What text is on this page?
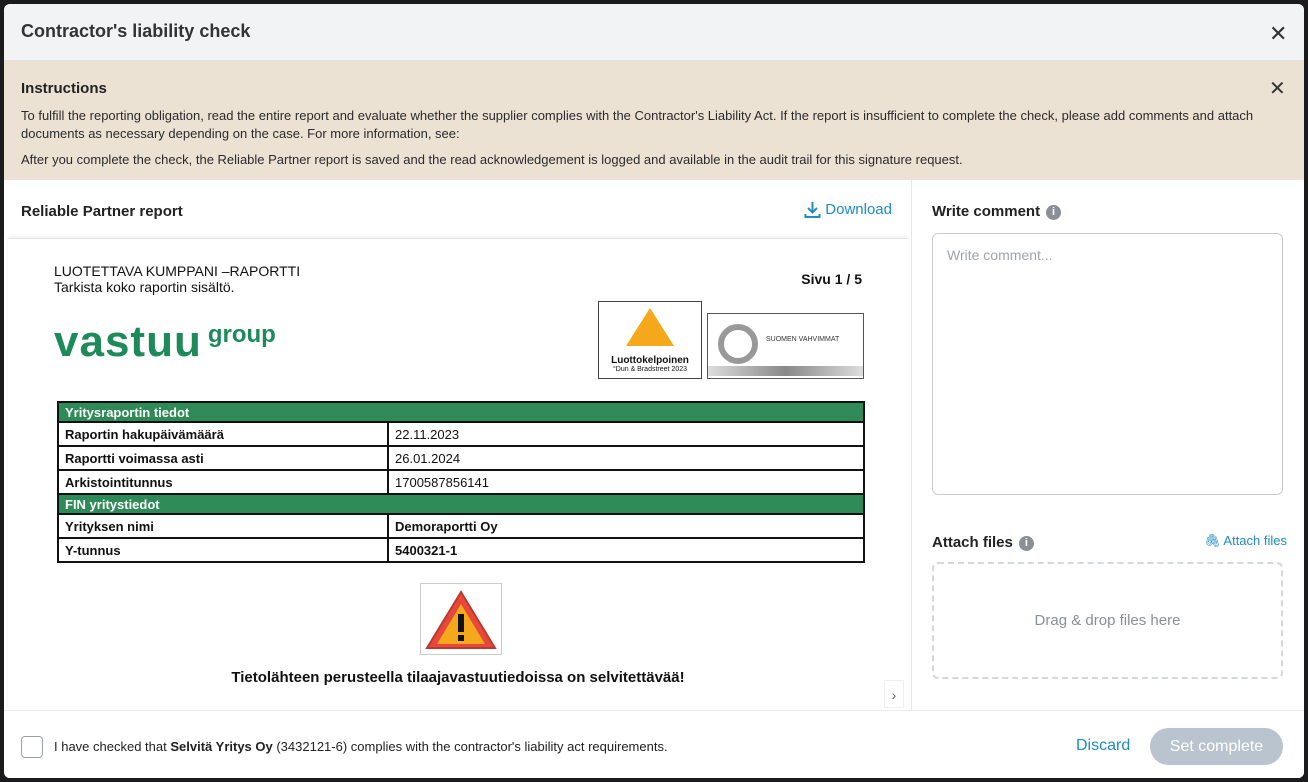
Contractor's liability check	✕
Instructions	✕

To fulfill the reporting obligation, read the entire report and evaluate whether the supplier complies with the Contractor's Liability Act. If the report is insufficient to complete the check, please add comments and attach documents as necessary depending on the case. For more information, see:

After you complete the check, the Reliable Partner report is saved and the read acknowledgement is logged and available in the audit trail for this signature request.

Reliable Partner report	Download
LUOTETTAVA KUMPPANI –RAPORTTI
Tarkista koko raportin sisältö.	Sivu 1 / 5
vastuu group
Luottokelpoinen
°Dun & Bradstreet 2023
SUOMEN VAHVIMMAT
Yritysraportin tiedot	
Raportin hakupäivämäärä	22.11.2023
Raportti voimassa asti	26.01.2024
Arkistointitunnus	1700587856141
FIN yritystiedot	
Yrityksen nimi	Demoraportti Oy
Y-tunnus	5400321-1
Tietolähteen perusteella tilaajavastuutiedoissa on selvitettävää!
›
Write comment i
Write comment...
Attach files i	🖇 Attach files
Drag & drop files here
I have checked that Selvitä Yritys Oy (3432121-6) complies with the contractor's liability act requirements.	Discard	Set complete
